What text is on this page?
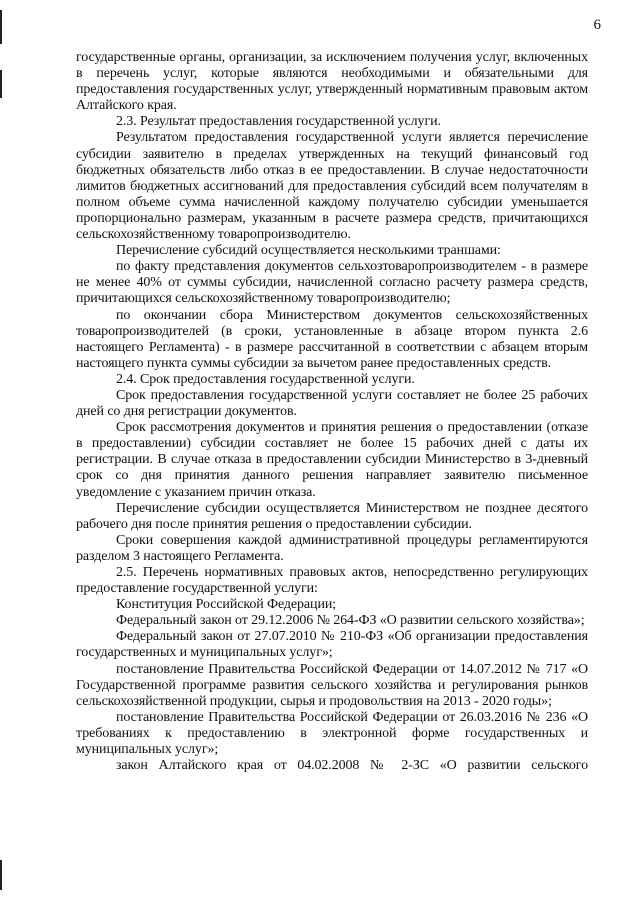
6

государственные органы, организации, за исключением получения услуг, включенных в перечень услуг, которые являются необходимыми и обязательными для предоставления государственных услуг, утвержденный нормативным правовым актом Алтайского края.

2.3. Результат предоставления государственной услуги.

Результатом предоставления государственной услуги является перечисление субсидии заявителю в пределах утвержденных на текущий финансовый год бюджетных обязательств либо отказ в ее предоставлении. В случае недостаточности лимитов бюджетных ассигнований для предоставления субсидий всем получателям в полном объеме сумма начисленной каждому получателю субсидии уменьшается пропорционально размерам, указанным в расчете размера средств, причитающихся сельскохозяйственному товаропроизводителю.

Перечисление субсидий осуществляется несколькими траншами:

по факту представления документов сельхозтоваропроизводителем - в размере не менее 40% от суммы субсидии, начисленной согласно расчету размера средств, причитающихся сельскохозяйственному товаропроизводителю;

по окончании сбора Министерством документов сельскохозяйственных товаропроизводителей (в сроки, установленные в абзаце втором пункта 2.6 настоящего Регламента) - в размере рассчитанной в соответствии с абзацем вторым настоящего пункта суммы субсидии за вычетом ранее предоставленных средств.

2.4. Срок предоставления государственной услуги.

Срок предоставления государственной услуги составляет не более 25 рабочих дней со дня регистрации документов.

Срок рассмотрения документов и принятия решения о предоставлении (отказе в предоставлении) субсидии составляет не более 15 рабочих дней с даты их регистрации. В случае отказа в предоставлении субсидии Министерство в 3-дневный срок со дня принятия данного решения направляет заявителю письменное уведомление с указанием причин отказа.

Перечисление субсидии осуществляется Министерством не позднее десятого рабочего дня после принятия решения о предоставлении субсидии.

Сроки совершения каждой административной процедуры регламентируются разделом 3 настоящего Регламента.

2.5. Перечень нормативных правовых актов, непосредственно регулирующих предоставление государственной услуги:

Конституция Российской Федерации;

Федеральный закон от 29.12.2006 № 264-ФЗ «О развитии сельского хозяйства»;

Федеральный закон от 27.07.2010 № 210-ФЗ «Об организации предоставления государственных и муниципальных услуг»;

постановление Правительства Российской Федерации от 14.07.2012 № 717 «О Государственной программе развития сельского хозяйства и регулирования рынков сельскохозяйственной продукции, сырья и продовольствия на 2013 - 2020 годы»;

постановление Правительства Российской Федерации от 26.03.2016 № 236 «О требованиях к предоставлению в электронной форме государственных и муниципальных услуг»;

закон Алтайского края от 04.02.2008 № 2-ЗС «О развитии сельского
